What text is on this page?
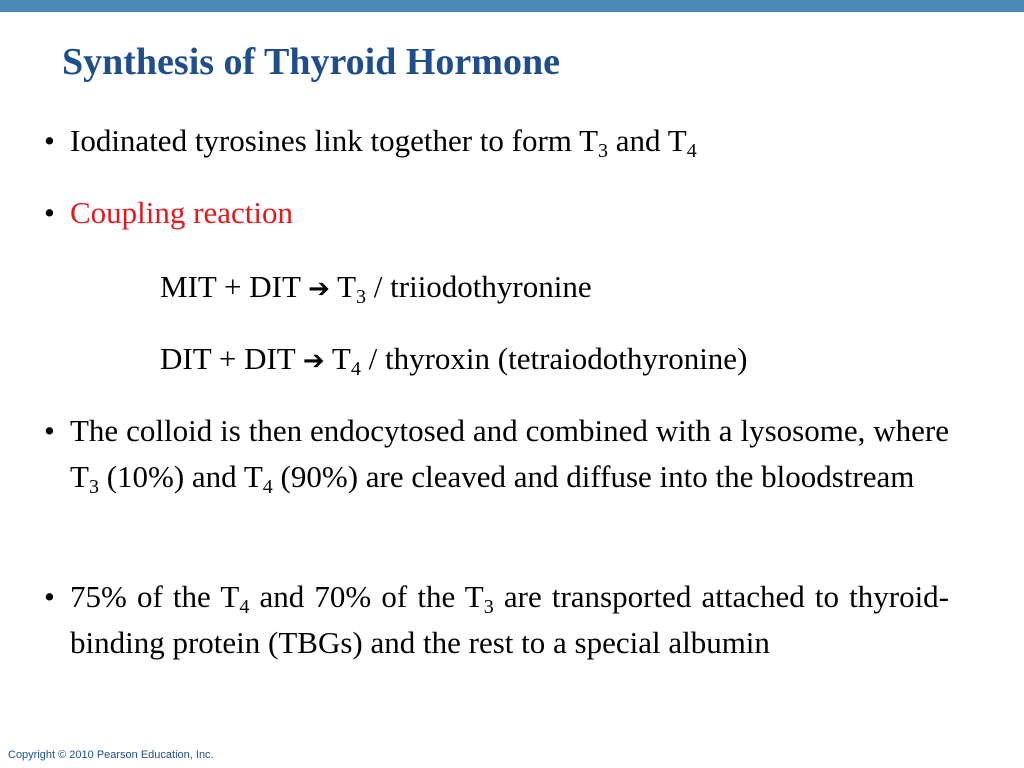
Synthesis of Thyroid Hormone
• Iodinated tyrosines link together to form $T_3$ and $T_4$
• Coupling reaction
MIT + DIT ➔ $T_3$ / triiodothyronine
DIT + DIT ➔ $T_4$ / thyroxin (tetraiodothyronine)
• The colloid is then endocytosed and combined with a lysosome, where $T_3$ (10%) and $T_4$ (90%) are cleaved and diffuse into the bloodstream
• 75% of the $T_4$ and 70% of the $T_3$ are transported attached to thyroid-binding protein (TBGs) and the rest to a special albumin
Copyright © 2010 Pearson Education, Inc.
